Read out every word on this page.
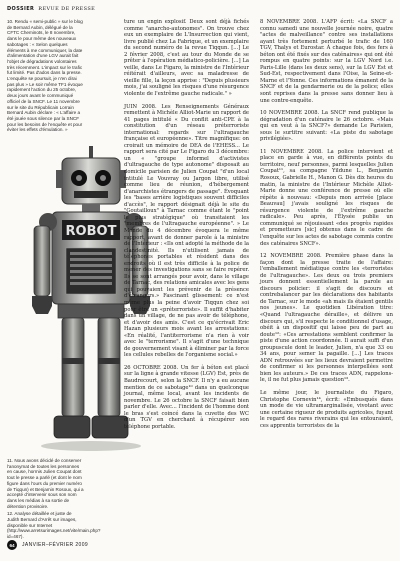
DOSSIER REVUE DE PRESSE

10. Rendu « semi-public » sur le blog de Bernard Aubin, délégué de la CFTC Cheminots, le 8 novembre, dans le pour même des nouveaux sabotages : « Selon quelques éléments à me communiquer, la date d'alimentation d'une LGV aurait fait l'objet de dégradations volontaires très récemment. L'impact sur le trafic fut limité. Pas d'ados dans la presse. L'enquête se poursuit, je n'en dirai pas plus » Le soir même TF1 évoque rapidement l'action du 25 octobre, deux jours avant le communiqué officiel de la SNCF. Le 11 novembre sur le site du Républicain Lorrain Bernard Aubin déclare : « L'affaire a été jouée sous silence par la SNCF pour les besoins de l'enquête et pour éviter les effets d'émulation. »

ROBOT

11. Nous avons décidé de conserver l'anonymat de toutes les personnes en cause, hormis Julien Coupat dont tout le presse a parlé (et dont le nom figure dans l'ours du premier numéro de Tiqqun) et Benjamin Rosoux, qui a accepté d'intervenir sous son nom dans les médias à sa sortie de détention provisoire.

12. Analyse détaillée et juste de Judith Bernard d'Arrêt sur images, disponible sur Internet (http://www.arretsurimages.net/vite/main.php?id=467).

ture un engin explosif. Deux sont déjà fichés comme "anarcho-autonomes". On trouve chez eux un exemplaire de L'Insurrection qui vient, livre publié chez La Fabrique, et un exemplaire du second numéro de la revue Tiqqun. [...] Le 2 février 2008, c'est au tour du Monde de se prêter à l'opération médiatico-policière. [...] La veille, dans Le Figaro, la ministre de l'Intérieur réitérait d'ailleurs, avec sa maladresse de vieille fille, la leçon apprise : "Depuis plusieurs mois, j'ai souligné les risques d'une résurgence violente de l'extrême gauche radicale." »

JUIN 2008. Les Renseignements Généraux remettent à Michèle Alliot-Marie un rapport de 41 pages intitulé « Du conflit anti-CPE à la constitution d'un réseau préterroriste international: regards sur l'ultragauche française et européenne». Titre magnifique: on croirait un mémoire de DEA de l'EHESS... Le rapport sera cité par Le Figaro du 3 décembre: un « "groupe informel d'activistes d'ultragauche de type autonome" disposait au domicile parisien de Julien Coupat "d'un local intitulé Le Vouvray ou Jargon libre, utilisé comme lieu de réunion, d'hébergement d'anarchistes étrangers de passage". Évoquant les "bases arrière logistiques souvent difficiles d'accès", le rapport désignait déjà le site du "Goutailloux" à Tarnac comme étant le "point le plus stratégique" où transitaient les "membres de l'ultragauche européenne". » Le Monde du 4 décembre évoquera le même rapport, avant de donner parole à la ministre de l'Intérieur : «Ils ont adopté la méthode de la clandestinité. Ils n'utilisent jamais de téléphones portables et résident dans des endroits où il est très difficile à la police de mener des investigations sans se faire repérer. Ils se sont arrangés pour avoir, dans le village de Tarnac, des relations amicales avec les gens qui pouvaient les prévenir de la présence d'étrangers.» Fascinant glissement: ce n'est même plus la peine d'avoir Tiqqun chez soi pour être un «préterroriste». Il suffit d'habiter dans un village, de ne pas avoir de téléphone, et d'avoir des amis. C'est ce qu'écrivait Eric Hazan plusieurs mois avant les arrestations: «En réalité, l'antiterrorisme n'a rien à voir avec le "terrorisme". Il s'agit d'une technique de gouvernement visant à éliminer par la force les cellules rebelles de l'organisme social.»

26 OCTOBRE 2008. Un fer à béton est placé sur la ligne à grande vitesse (LGV) Est, près de Baudrecourt, selon la SNCF. Il n'y a eu aucune mention de ce sabotage¹⁰ dans un quelconque journal, même local, avant les incidents de novembre. Le 26 octobre la SNCF faisait bien parler d'elle. Avec... l'incident de l'homme dont le bras s'est coincé dans la cuvette des WC d'un TGV en cherchant à récupérer son téléphone portable.

8 NOVEMBRE 2008. L'AFP écrit: «La SNCF a connu samedi une nouvelle journée noire, quatre "actes de malveillance" contre ses installations ayant très fortement perturbé le trafic de 160 TGV, Thalys et Eurostar. À chaque fois, des fers à béton ont été fixés sur des caténaires» qui ont été rompus en quatre points: sur la LGV Nord i.e. Paris-Lille (dans les deux sens), sur la LGV Est et Sud-Est, respectivement dans l'Oise, la Seine-et-Marne et l'Yonne. Ces informations émanent de la SNCF et de la gendarmerie ou de la police; elles sont reprises dans la presse sans donner lieu à une contre-enquête.

10 NOVEMBRE 2008. La SNCF rend publique la dégradation d'un caténaire le 26 octobre. «Mais qui en veut à la SNCF?» demande Le Parisien, sous le surtitre suivant: «La piste du sabotage privilégiée».

11 NOVEMBRE 2008. La police intervient et place en garde à vue, en différents points du territoire, neuf personnes, parmi lesquelles Julien Coupat¹¹, sa compagne Yildune L., Benjamin Rosoux, Gabrielle H., Manon G. Dès dix heures du matin, la ministre de l'Intérieur Michèle Alliot-Marie donne une conférence de presse où elle répète à nouveau: «Depuis mon arrivée [place Beauvau] j'avais souligné les risques de résurgence violente de l'extrême gauche radicale». Peu après, l'Élysée publie un communiqué se réjouissant «des progrès rapides et prometteurs [sic] obtenus dans le cadre de l'enquête sur les actes de sabotage commis contre des caténaires SNCF».

12 NOVEMBRE 2008. Première phase dans la façon dont la presse traite de l'affaire: l'emballement médiatique contre les «terroristes de l'ultragauche». Les deux ou trois premiers jours donnent essentiellement la parole au discours policier: il s'agit de discours et contrebalancer par les déclarations des habitants de Tarnac, sur le mode «ah mais ils étaient gentils nos jeunes». Le quotidien Libération titre: «Quand l'ultragauche déraille», et délivre un discours qui, s'il respecte le conditionnel d'usage, obéit à un dispositif qui laisse peu de part au doute¹²: «Ces arrestations semblent confirmer la piste d'une action coordonnée. Il aurait suffi d'un groupuscule dont le leader, Julien, n'a que 33 ou 34 ans, pour semer la pagaille. [...] Les traces ADN retrouvées sur les lieux devraient permettre de confirmer si les personnes interpellées sont bien les auteurs.» De ces traces ADN, rappelons-le, il ne fut plus jamais question¹³.

Le même jour, le journaliste du Figaro, Christophe Cornevin¹⁴, écrit: «Embusqués dans un mode de vie ultramarginalisée, vivotant avec une certaine rigueur de produits agricoles, fuyant le regard des rares riverains qui les entouraient, ces apprentis terroristes de la

64	JANVIER–FÉVRIER 2009
